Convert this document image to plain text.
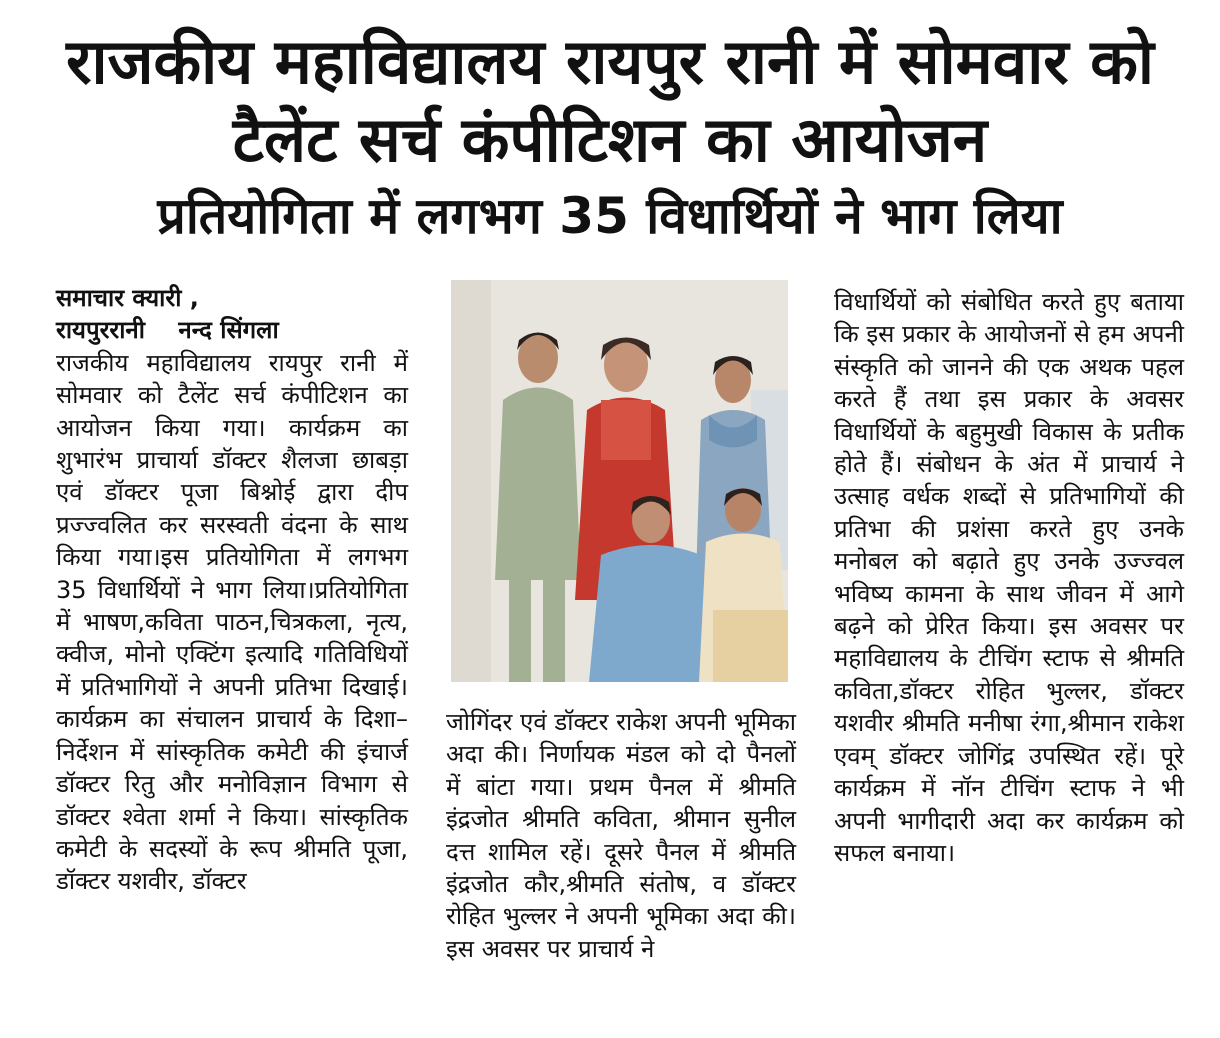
राजकीय महाविद्यालय रायपुर रानी में सोमवार को
टैलेंट सर्च कंपीटिशन का आयोजन
प्रतियोगिता में लगभग 35 विधार्थियों ने भाग लिया

समाचार क्यारी ,

रायपुररानी    नन्द सिंगला

राजकीय महाविद्यालय रायपुर रानी में सोमवार को टैलेंट सर्च कंपीटिशन का आयोजन किया गया। कार्यक्रम का शुभारंभ प्राचार्या डॉक्टर शैलजा छाबड़ा एवं डॉक्टर पूजा बिश्नोई द्वारा दीप प्रज्ज्वलित कर सरस्वती वंदना के साथ किया गया।इस प्रतियोगिता में लगभग 35 विधार्थियों ने भाग लिया।प्रतियोगिता में भाषण,कविता पाठन,चित्रकला, नृत्य, क्वीज, मोनो एक्टिंग इत्यादि गतिविधियों में प्रतिभागियों ने अपनी प्रतिभा दिखाई। कार्यक्रम का संचालन प्राचार्य के दिशा–निर्देशन में सांस्कृतिक कमेटी की इंचार्ज डॉक्टर रितु और मनोविज्ञान विभाग से डॉक्टर श्वेता शर्मा ने किया। सांस्कृतिक कमेटी के सदस्यों के रूप श्रीमति पूजा, डॉक्टर यशवीर, डॉक्टर

जोगिंदर एवं डॉक्टर राकेश अपनी भूमिका अदा की। निर्णायक मंडल को दो पैनलों में बांटा गया। प्रथम पैनल में श्रीमति इंद्रजोत श्रीमति कविता, श्रीमान सुनील दत्त शामिल रहें। दूसरे पैनल में श्रीमति इंद्रजोत कौर,श्रीमति संतोष, व डॉक्टर रोहित भुल्लर ने अपनी भूमिका अदा की।इस अवसर पर प्राचार्य ने

विधार्थियों को संबोधित करते हुए बताया कि इस प्रकार के आयोजनों से हम अपनी संस्कृति को जानने की एक अथक पहल करते हैं तथा इस प्रकार के अवसर विधार्थियों के बहुमुखी विकास के प्रतीक होते हैं। संबोधन के अंत में प्राचार्य ने उत्साह वर्धक शब्दों से प्रतिभागियों की प्रतिभा की प्रशंसा करते हुए उनके मनोबल को बढ़ाते हुए उनके उज्ज्वल भविष्य कामना के साथ जीवन में आगे बढ़ने को प्रेरित किया। इस अवसर पर महाविद्यालय के टीचिंग स्टाफ से श्रीमति कविता,डॉक्टर रोहित भुल्लर, डॉक्टर यशवीर श्रीमति मनीषा रंगा,श्रीमान राकेश एवम् डॉक्टर जोगिंद्र उपस्थित रहें। पूरे कार्यक्रम में नॉन टीचिंग स्टाफ ने भी अपनी भागीदारी अदा कर कार्यक्रम को सफल बनाया।
